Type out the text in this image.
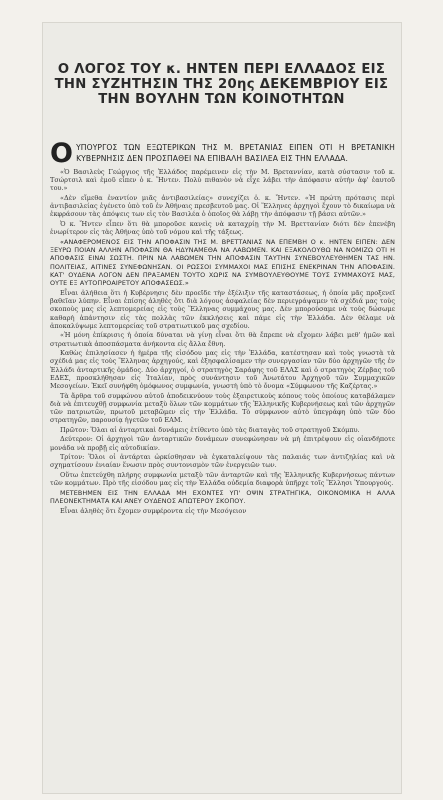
Ο ΛΟΓΟΣ ΤΟΥ κ. ΗΝΤΕΝ ΠΕΡΙ ΕΛΛΑΔΟΣ ΕΙΣ ΤΗΝ ΣΥΖΗΤΗΣΙΝ ΤΗΣ 20ης ΔΕΚΕΜΒΡΙΟΥ ΕΙΣ ΤΗΝ ΒΟΥΛΗΝ ΤΩΝ ΚΟΙΝΟΤΗΤΩΝ
Ο ΥΠΟΥΡΓΟΣ ΤΩΝ ΕΞΩΤΕΡΙΚΩΝ ΤΗΣ Μ. ΒΡΕΤΑΝΙΑΣ ΕΙΠΕΝ ΟΤΙ Η ΒΡΕΤΑΝΙΚΗ ΚΥΒΕΡΝΗΣΙΣ ΔΕΝ ΠΡΟΣΠΑΘΕΙ ΝΑ ΕΠΙΒΑΛΗ ΒΑΣΙΛΕΑ ΕΙΣ ΤΗΝ ΕΛΛΑΔΑ.

«Ὁ Βασιλεὺς Γεώργιος τῆς Ἑλλάδος παρέμεινεν εἰς τὴν Μ. Βρεταννίαν, κατὰ σύστασιν τοῦ κ. Τσώρτσιλ καὶ ἐμοῦ εἶπεν ὁ κ. Ἤντεν. Πολὺ πιθανὸν νὰ εἶχε λάβει τὴν ἀπόφασιν αὐτὴν ἀφ' ἑαυτοῦ του.»

«Δὲν εἴμεθα ἐναντίον μιᾶς ἀντιβασιλείας» συνεχίζει ὁ. κ. Ἤντεν. «Ἡ πρώτη πρότασις περὶ ἀντιβασιλείας ἐγένετο ὑπὸ τοῦ ἐν Ἀθήναις πρεσβευτοῦ μας. Οἱ Ἕλληνες ἀρχηγοὶ ἔχουν τὸ δικαίωμα νὰ ἐκφράσουν τὰς ἀπόψεις των εἰς τὸν Βασιλέα ὁ ὁποῖος θὰ λάβῃ τὴν ἀπόφασιν τῇ βάσει αὐτῶν.»

Ὁ κ. Ἤντεν εἶπεν ὅτι θὰ μποροῦσε κανεὶς νὰ καταχρίῃ τὴν Μ. Βρεττανίαν διότι δὲν ἐπενέβη ἐνωρίτερον εἰς τὰς Ἀθήνας ὑπὸ τοῦ νόμου καὶ τῆς τάξεως.

«ΑΝΑΦΕΡΟΜΕΝΟΣ ΕΙΣ ΤΗΝ ΑΠΟΦΑΣΙΝ ΤΗΣ Μ. ΒΡΕΤΤΑΝΙΑΣ ΝΑ ΕΠΕΜΒΗ Ο κ. ΗΝΤΕΝ ΕΙΠΕΝ: ΔΕΝ ΞΕΥΡΩ ΠΟΙΑΝ ΑΛΛΗΝ ΑΠΟΦΑΣΙΝ ΘΑ ΗΔΥΝΑΜΕΘΑ ΝΑ ΛΑΒΩΜΕΝ. ΚΑΙ ΕΞΑΚΟΛΟΥΘΩ ΝΑ ΝΟΜΙΖΩ ΟΤΙ Η ΑΠΟΦΑΣΙΣ ΕΙΝΑΙ ΣΩΣΤΗ. ΠΡΙΝ ΝΑ ΛΑΒΩΜΕΝ ΤΗΝ ΑΠΟΦΑΣΙΝ ΤΑΥΤΗΝ ΣΥΝΕΒΟΥΛΕΥΘΗΜΕΝ ΤΑΣ ΗΝ. ΠΟΛΙΤΕΙΑΣ, ΑΙΤΙΝΕΣ ΣΥΝΕΦΩΝΗΣΑΝ. ΟΙ ΡΩΣΣΟΙ ΣΥΜΜΑΧΟΙ ΜΑΣ ΕΠΙΣΗΣ ΕΝΕΚΡΙΝΑΝ ΤΗΝ ΑΠΟΦΑΣΙΝ. ΚΑΤ' ΟΥΔΕΝΑ ΛΟΓΟΝ ΔΕΝ ΠΡΑΞΑΜΕΝ ΤΟΥΤΟ ΧΩΡΙΣ ΝΑ ΣΥΜΒΟΥΛΕΥΘΟΥΜΕ ΤΟΥΣ ΣΥΜΜΑΧΟΥΣ ΜΑΣ, ΟΥΤΕ ΕΞ ΑΥΤΟΠΡΟΑΙΡΕΤΟΥ ΑΠΟΦΑΣΕΩΣ.»

Εἶναι ἀλήθεια ὅτι ἡ Κυβέρνησις δὲν προεῖδε τὴν ἐξέλιξιν τῆς καταστάσεως, ἡ ὁποία μᾶς προξενεῖ βαθεῖαν λύπην. Εἶναι ἐπίσης ἀληθὲς ὅτι διὰ λόγους ἀσφαλείας δὲν περιεγράψαμεν τὰ σχέδιά μας τοὺς σκοποὺς μας εἰς λεπτομερείας εἰς τοὺς Ἕλληνας συμμάχους μας. Δὲν μπορούσαμε νὰ τοὺς δώσωμε καθαρὴ ἀπάντησιν εἰς τὰς πολλὰς τῶν ἐκκλήσεις καὶ πάμε εἰς τὴν Ἑλλάδα. Δὲν θέλαμε νὰ ἀποκαλύψωμε λεπτομερείας τοῦ στρατιωτικοῦ μας σχεδίου.

«Ἡ μόνη ἐπίκρισις ἡ ὁποία δύναται νὰ γίνῃ εἶναι ὅτι θὰ ἔπρεπε νὰ εἴχομεν λάβει μεθ' ἡμῶν καὶ στρατιωτικὰ ἀποσπάσματα ἀνήκοντα εἰς ἄλλα ἔθνη.

Καθὼς ἐπιλησίασεν ἡ ἡμέρα τῆς εἰσόδου μας εἰς τὴν Ἑλλάδα, κατέστησαν καὶ τοὺς γνωστὰ τὰ σχέδιά μας εἰς τοὺς Ἕλληνας ἀρχηγούς, καὶ ἐξησφαλίσαμεν τὴν συνεργασίαν τῶν δύο ἀρχηγῶν τῆς ἐν Ἑλλάδι ἀνταρτικῆς ὁμάδος. Δύο ἀρχηγοί, ὁ στρατηγὸς Σαράφης τοῦ ΕΛΑΣ καὶ ὁ στρατηγὸς Ζέρβας τοῦ ΕΔΕΣ, προσκλήθησαν εἰς Ἰταλίαν, πρὸς συνάντησιν τοῦ Ἀνωτάτου Ἀρχηγοῦ τῶν Συμμαχικῶν Μεσογείων. Ἐκεῖ συνήφθη ὁμόφωνος συμφωνία, γνωστὴ ὑπὸ τὸ ὄνομα «Σύμφωνον τῆς Καζέρτας.»

Τὰ ἄρθρα τοῦ συμφώνου αὐτοῦ ἀποδεικνύουν τοὺς ἐξαιρετικοὺς κόπους τοὺς ὁποίους καταβάλαμεν διὰ νὰ ἐπιτευχθῇ συμφωνία μεταξὺ ὅλων τῶν κομμάτων τῆς Ἑλληνικῆς Κυβερνήσεως καὶ τῶν ἀρχηγῶν τῶν πατριωτῶν, πρωτοῦ μεταβῶμεν εἰς τὴν Ἑλλάδα. Τὸ σύμφωνον αὐτὸ ὑπεγράφη ὑπὸ τῶν δύο στρατηγῶν, παρουσίᾳ ἡγετῶν τοῦ ΕΑΜ.

Πρῶτον: Ὅλαι αἱ ἀνταρτικαὶ δυνάμεις ἐτίθεντο ὑπὸ τὰς διαταγὰς τοῦ στρατηγοῦ Σκόμπυ.

Δεύτερον: Οἱ ἀρχηγοὶ τῶν ἀνταρτικῶν δυνάμεων συνεφώνησαν νὰ μὴ ἐπιτρέψουν εἰς οἱανδήποτε μονάδα νὰ προβῇ εἰς αὐτοδικίαν.

Τρίτον: Ὅλοι οἱ ἀντάρται ὡρκίσθησαν νὰ ἐγκαταλείψουν τὰς παλαιάς των ἀντιζηλίας καὶ νὰ σχηματίσουν ἑνιαίαν ἕνωσιν πρὸς συντονισμὸν τῶν ἐνεργειῶν των.

Οὕτω ἐπετεύχθη πλήρης συμφωνία μεταξὺ τῶν ἀνταρτῶν καὶ τῆς Ἑλληνικῆς Κυβερνήσεως πάντων τῶν κομμάτων. Πρὸ τῆς εἰσόδου μας εἰς τὴν Ἑλλάδα οὐδεμία διαφορὰ ὑπῆρχε τοῖς Ἕλλησι Ὑπουργούς.

ΜΕΤΕΒΗΜΕΝ ΕΙΣ ΤΗΝ ΕΛΛΑΔΑ ΜΗ ΕΧΟΝΤΕΣ ΥΠ' ΟΨΙΝ ΣΤΡΑΤΗΓΙΚΑ, ΟΙΚΟΝΟΜΙΚΑ Η ΑΛΛΑ ΠΛΕΟΝΕΚΤΗΜΑΤΑ ΚΑΙ ΑΝΕΥ ΟΥΔΕΝΟΣ ΑΠΩΤΕΡΟΥ ΣΚΟΠΟΥ.

Εἶναι ἀληθὲς ὅτι ἔχομεν συμφέροντα εἰς τὴν Μεσόγειον
